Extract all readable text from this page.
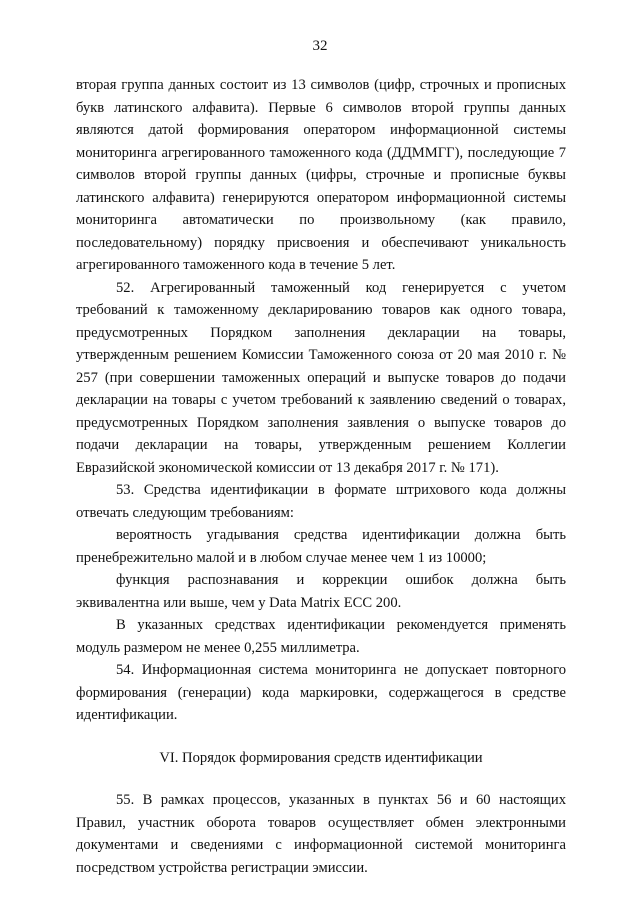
32

вторая группа данных состоит из 13 символов (цифр, строчных и прописных букв латинского алфавита). Первые 6 символов второй группы данных являются датой формирования оператором информационной системы мониторинга агрегированного таможенного кода (ДДММГГ), последующие 7 символов второй группы данных (цифры, строчные и прописные буквы латинского алфавита) генерируются оператором информационной системы мониторинга автоматически по произвольному (как правило, последовательному) порядку присвоения и обеспечивают уникальность агрегированного таможенного кода в течение 5 лет.

52. Агрегированный таможенный код генерируется с учетом требований к таможенному декларированию товаров как одного товара, предусмотренных Порядком заполнения декларации на товары, утвержденным решением Комиссии Таможенного союза от 20 мая 2010 г. № 257 (при совершении таможенных операций и выпуске товаров до подачи декларации на товары с учетом требований к заявлению сведений о товарах, предусмотренных Порядком заполнения заявления о выпуске товаров до подачи декларации на товары, утвержденным решением Коллегии Евразийской экономической комиссии от 13 декабря 2017 г. № 171).

53. Средства идентификации в формате штрихового кода должны отвечать следующим требованиям:

вероятность угадывания средства идентификации должна быть пренебрежительно малой и в любом случае менее чем 1 из 10000;

функция распознавания и коррекции ошибок должна быть эквивалентна или выше, чем у Data Matrix ECC 200.

В указанных средствах идентификации рекомендуется применять модуль размером не менее 0,255 миллиметра.

54. Информационная система мониторинга не допускает повторного формирования (генерации) кода маркировки, содержащегося в средстве идентификации.

VI. Порядок формирования средств идентификации

55. В рамках процессов, указанных в пунктах 56 и 60 настоящих Правил, участник оборота товаров осуществляет обмен электронными документами и сведениями с информационной системой мониторинга посредством устройства регистрации эмиссии.
